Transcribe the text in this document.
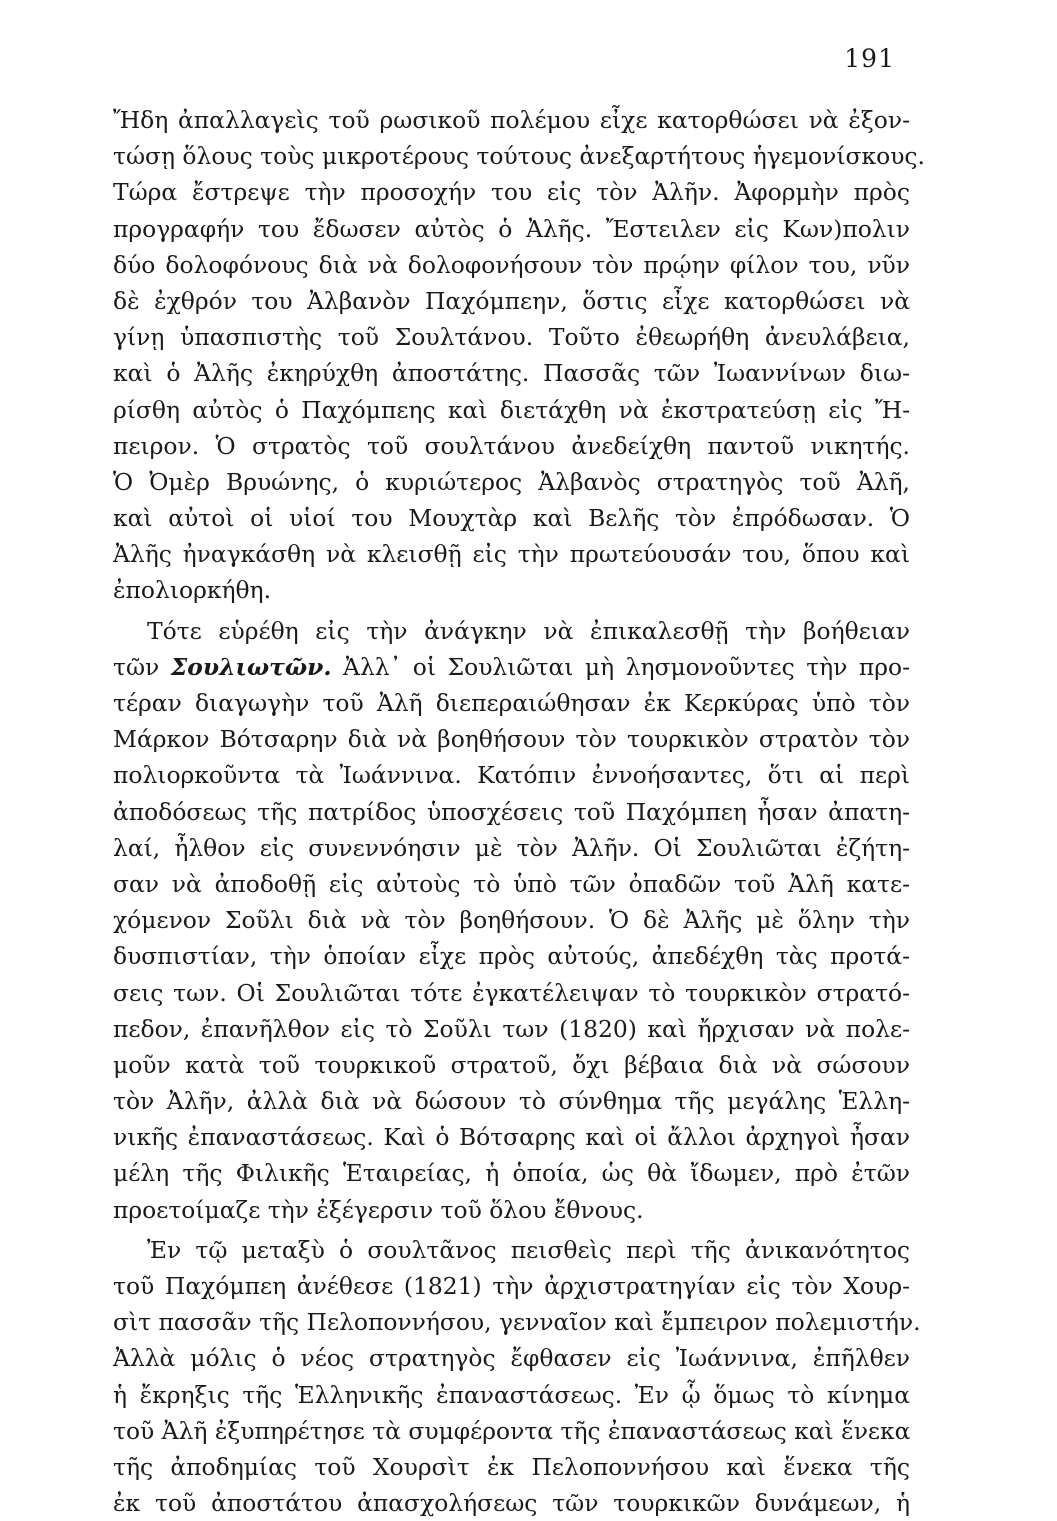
191
Ἤδη ἀπαλλαγεὶς τοῦ ρωσικοῦ πολέμου εἶχε κατορθώσει νὰ ἐξον-
τώσῃ ὅλους τοὺς μικροτέρους τούτους ἀνεξαρτήτους ἡγεμονίσκους.
Τώρα ἔστρεψε τὴν προσοχήν του εἰς τὸν Ἀλῆν. Ἀφορμὴν πρὸς
προγραφήν του ἔδωσεν αὐτὸς ὁ Ἀλῆς. Ἔστειλεν εἰς Κων)πολιν
δύο δολοφόνους διὰ νὰ δολοφονήσουν τὸν πρῴην φίλον του, νῦν
δὲ ἐχθρόν του Ἀλβανὸν Παχόμπεην, ὅστις εἶχε κατορθώσει νὰ
γίνῃ ὑπασπιστὴς τοῦ Σουλτάνου. Τοῦτο ἐθεωρήθη ἀνευλάβεια,
καὶ ὁ Ἀλῆς ἐκηρύχθη ἀποστάτης. Πασσᾶς τῶν Ἰωαννίνων διω-
ρίσθη αὐτὸς ὁ Παχόμπεης καὶ διετάχθη νὰ ἐκστρατεύσῃ εἰς Ἤ-
πειρον. Ὁ στρατὸς τοῦ σουλτάνου ἀνεδείχθη παντοῦ νικητής.
Ὁ Ὀμὲρ Βρυώνης, ὁ κυριώτερος Ἀλβανὸς στρατηγὸς τοῦ Ἀλῆ,
καὶ αὐτοὶ οἱ υἱοί του Μουχτὰρ καὶ Βελῆς τὸν ἐπρόδωσαν. Ὁ
Ἀλῆς ἠναγκάσθη νὰ κλεισθῇ εἰς τὴν πρωτεύουσάν του, ὅπου καὶ
ἐπολιορκήθη.
Τότε εὑρέθη εἰς τὴν ἀνάγκην νὰ ἐπικαλεσθῇ τὴν βοήθειαν
τῶν Σουλιωτῶν. Ἀλλ᾿ οἱ Σουλιῶται μὴ λησμονοῦντες τὴν προ-
τέραν διαγωγὴν τοῦ Ἀλῆ διεπεραιώθησαν ἐκ Κερκύρας ὑπὸ τὸν
Μάρκον Βότσαρην διὰ νὰ βοηθήσουν τὸν τουρκικὸν στρατὸν τὸν
πολιορκοῦντα τὰ Ἰωάννινα. Κατόπιν ἐννοήσαντες, ὅτι αἱ περὶ
ἀποδόσεως τῆς πατρίδος ὑποσχέσεις τοῦ Παχόμπεη ἦσαν ἀπατη-
λαί, ἦλθον εἰς συνεννόησιν μὲ τὸν Ἀλῆν. Οἱ Σουλιῶται ἐζήτη-
σαν νὰ ἀποδοθῇ εἰς αὐτοὺς τὸ ὑπὸ τῶν ὀπαδῶν τοῦ Ἀλῆ κατε-
χόμενον Σοῦλι διὰ νὰ τὸν βοηθήσουν. Ὁ δὲ Ἀλῆς μὲ ὅλην τὴν
δυσπιστίαν, τὴν ὁποίαν εἶχε πρὸς αὐτούς, ἀπεδέχθη τὰς προτά-
σεις των. Οἱ Σουλιῶται τότε ἐγκατέλειψαν τὸ τουρκικὸν στρατό-
πεδον, ἐπανῆλθον εἰς τὸ Σοῦλι των (1820) καὶ ἤρχισαν νὰ πολε-
μοῦν κατὰ τοῦ τουρκικοῦ στρατοῦ, ὄχι βέβαια διὰ νὰ σώσουν
τὸν Ἀλῆν, ἀλλὰ διὰ νὰ δώσουν τὸ σύνθημα τῆς μεγάλης Ἑλλη-
νικῆς ἐπαναστάσεως. Καὶ ὁ Βότσαρης καὶ οἱ ἄλλοι ἀρχηγοὶ ἦσαν
μέλη τῆς Φιλικῆς Ἑταιρείας, ἡ ὁποία, ὡς θὰ ἴδωμεν, πρὸ ἐτῶν
προετοίμαζε τὴν ἐξέγερσιν τοῦ ὅλου ἔθνους.
Ἐν τῷ μεταξὺ ὁ σουλτᾶνος πεισθεὶς περὶ τῆς ἀνικανότητος
τοῦ Παχόμπεη ἀνέθεσε (1821) τὴν ἀρχιστρατηγίαν εἰς τὸν Χουρ-
σὶτ πασσᾶν τῆς Πελοποννήσου, γενναῖον καὶ ἔμπειρον πολεμιστήν.
Ἀλλὰ μόλις ὁ νέος στρατηγὸς ἔφθασεν εἰς Ἰωάννινα, ἐπῆλθεν
ἡ ἔκρηξις τῆς Ἑλληνικῆς ἐπαναστάσεως. Ἐν ᾧ ὅμως τὸ κίνημα
τοῦ Ἀλῆ ἐξυπηρέτησε τὰ συμφέροντα τῆς ἐπαναστάσεως καὶ ἕνεκα
τῆς ἀποδημίας τοῦ Χουρσὶτ ἐκ Πελοποννήσου καὶ ἕνεκα τῆς
ἐκ τοῦ ἀποστάτου ἀπασχολήσεως τῶν τουρκικῶν δυνάμεων, ἡ
